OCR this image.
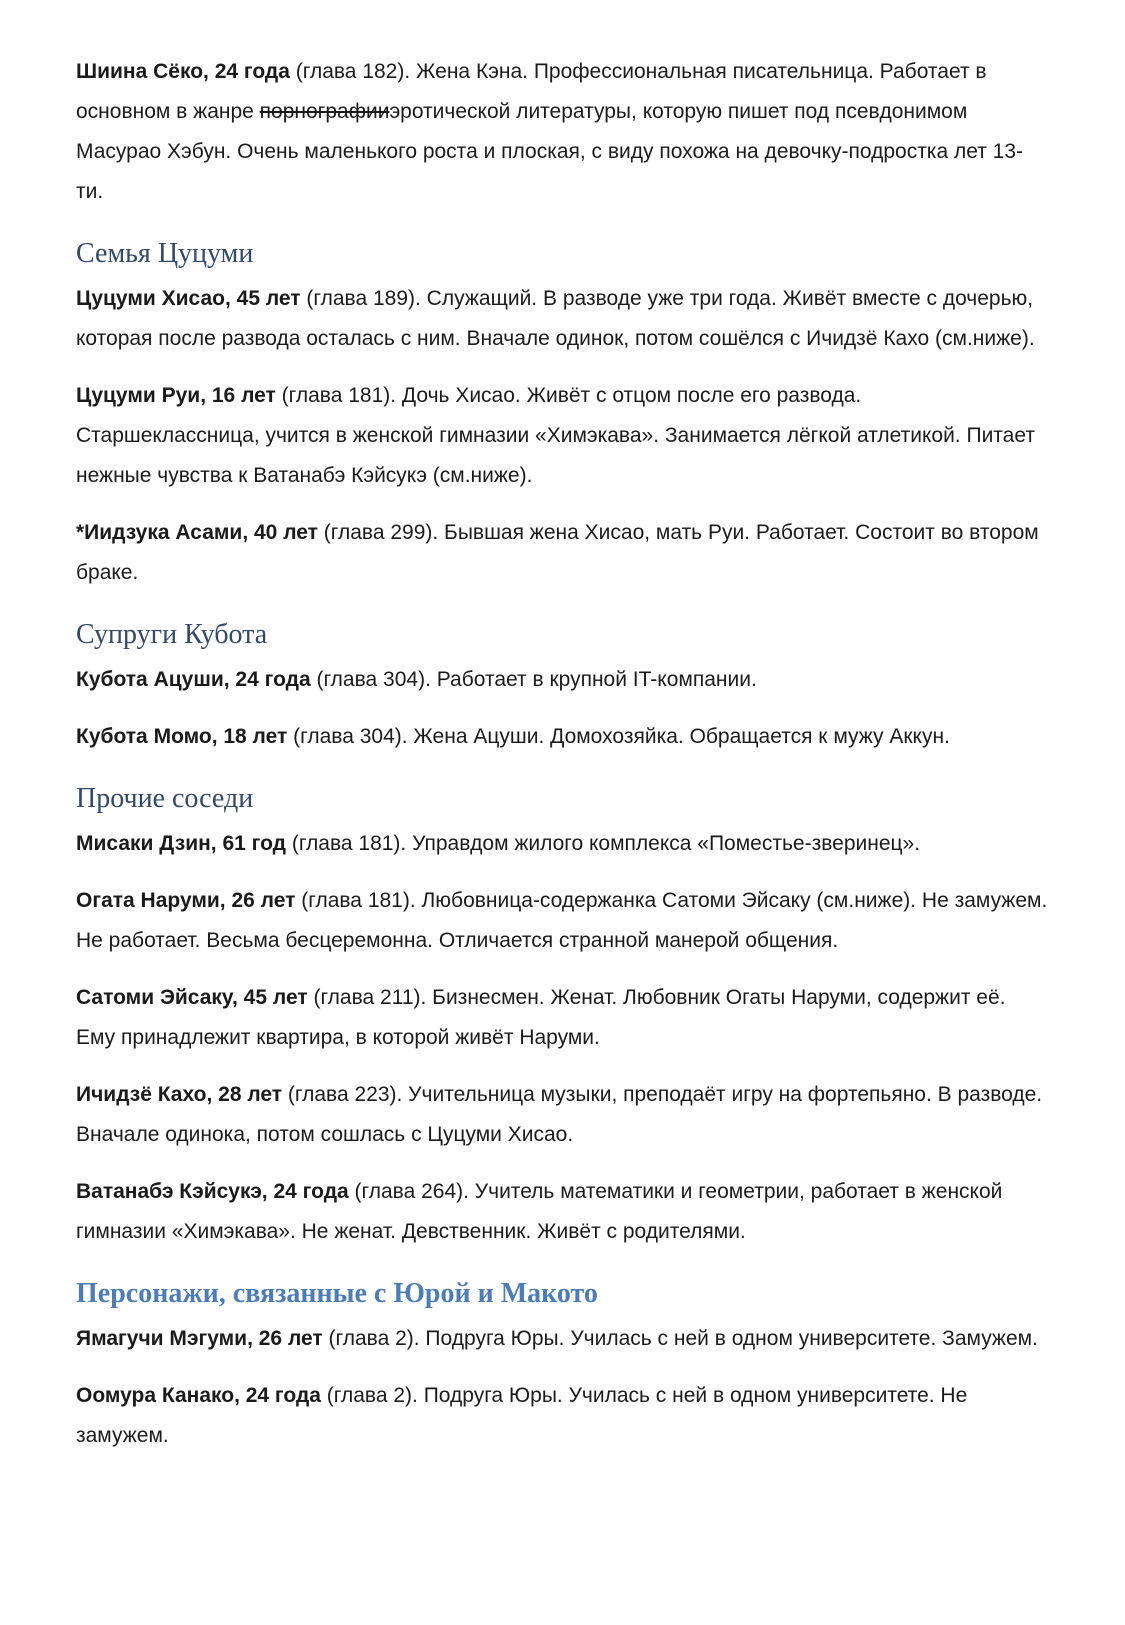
Шиина Сёко, 24 года (глава 182). Жена Кэна. Профессиональная писательница. Работает в основном в жанре порнографииэротической литературы, которую пишет под псевдонимом Масурао Хэбун. Очень маленького роста и плоская, с виду похожа на девочку-подростка лет 13-ти.

Семья Цуцуми

Цуцуми Хисао, 45 лет (глава 189). Служащий. В разводе уже три года. Живёт вместе с дочерью, которая после развода осталась с ним. Вначале одинок, потом сошёлся с Ичидзё Кахо (см.ниже).

Цуцуми Руи, 16 лет (глава 181). Дочь Хисао. Живёт с отцом после его развода. Старшеклассница, учится в женской гимназии «Химэкава». Занимается лёгкой атлетикой. Питает нежные чувства к Ватанабэ Кэйсукэ (см.ниже).

*Иидзука Асами, 40 лет (глава 299). Бывшая жена Хисао, мать Руи. Работает. Состоит во втором браке.

Супруги Кубота

Кубота Ацуши, 24 года (глава 304). Работает в крупной IT-компании.

Кубота Момо, 18 лет (глава 304). Жена Ацуши. Домохозяйка. Обращается к мужу Аккун.

Прочие соседи

Мисаки Дзин, 61 год (глава 181). Управдом жилого комплекса «Поместье-зверинец».

Огата Наруми, 26 лет (глава 181). Любовница-содержанка Сатоми Эйсаку (см.ниже). Не замужем. Не работает. Весьма бесцеремонна. Отличается странной манерой общения.

Сатоми Эйсаку, 45 лет (глава 211). Бизнесмен. Женат. Любовник Огаты Наруми, содержит её. Ему принадлежит квартира, в которой живёт Наруми.

Ичидзё Кахо, 28 лет (глава 223). Учительница музыки, преподаёт игру на фортепьяно. В разводе. Вначале одинока, потом сошлась с Цуцуми Хисао.

Ватанабэ Кэйсукэ, 24 года (глава 264). Учитель математики и геометрии, работает в женской гимназии «Химэкава». Не женат. Девственник. Живёт с родителями.

Персонажи, связанные с Юрой и Макото

Ямагучи Мэгуми, 26 лет (глава 2). Подруга Юры. Училась с ней в одном университете. Замужем.

Оомура Канако, 24 года (глава 2). Подруга Юры. Училась с ней в одном университете. Не замужем.
